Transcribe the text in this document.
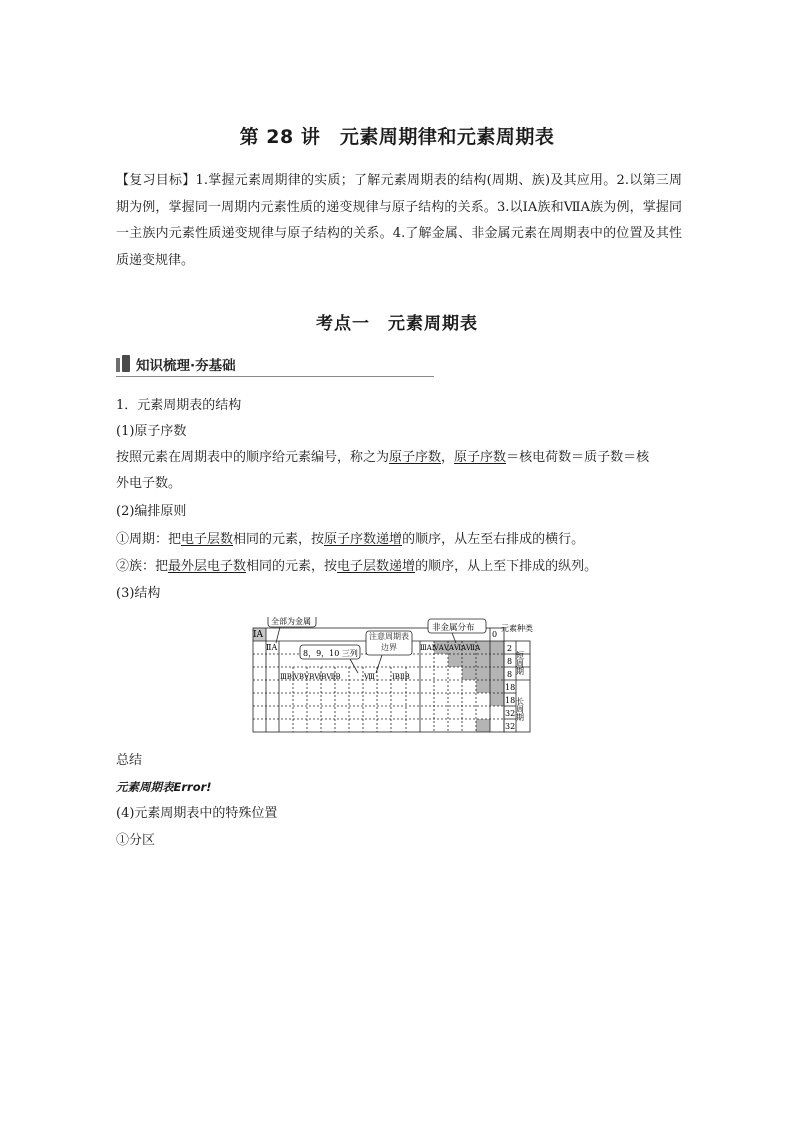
第 28 讲　元素周期律和元素周期表
【复习目标】1.掌握元素周期律的实质；了解元素周期表的结构(周期、族)及其应用。2.以第三周期为例，掌握同一周期内元素性质的递变规律与原子结构的关系。3.以ⅠA族和ⅦA族为例，掌握同一主族内元素性质递变规律与原子结构的关系。4.了解金属、非金属元素在周期表中的位置及其性质递变规律。
考点一　元素周期表
知识梳理·夯基础
1．元素周期表的结构
(1)原子序数
按照元素在周期表中的顺序给元素编号，称之为原子序数，原子序数＝核电荷数＝质子数＝核
外电子数。
(2)编排原则
①周期：把电子层数相同的元素，按原子序数递增的顺序，从左至右排成的横行。
②族：把最外层电子数相同的元素，按电子层数递增的顺序，从上至下排成的纵列。
(3)结构
ⅠA
ⅡA
ⅢBⅣBⅤBⅥBⅦB	Ⅷ ⅠBⅡB
ⅢAⅣAⅤAⅥAⅦA
0
元素种类
2
8
8
18
18
32
32
短周期
长周期
全部为金属
8，9，10 三列
注意周期表边界
非金属分布
总结
元素周期表Error!
(4)元素周期表中的特殊位置
①分区
